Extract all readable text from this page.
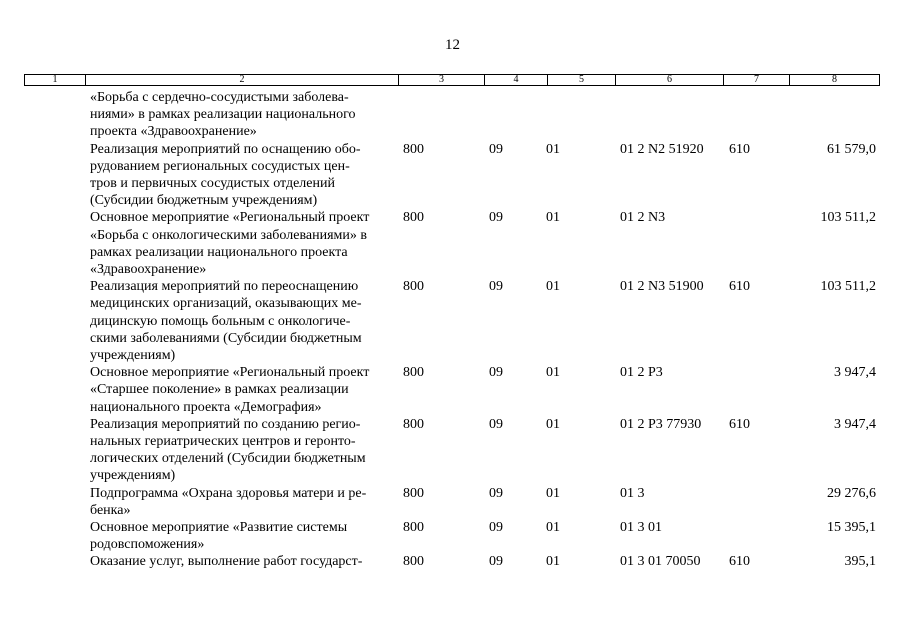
12
1	2	3	4	5	6	7	8
«Борьба с сердечно-сосудистыми заболева-
ниями» в рамках реализации национального
проекта «Здравоохранение»
Реализация мероприятий по оснащению обо-
рудованием региональных сосудистых цен-
тров и первичных сосудистых отделений
(Субсидии бюджетным учреждениям)
800	09	01	01 2 N2 51920 610	61 579,0
Основное мероприятие «Региональный проект
«Борьба с онкологическими заболеваниями» в
рамках реализации национального проекта
«Здравоохранение»
800	09	01	01 2 N3	103 511,2
Реализация мероприятий по переоснащению
медицинских организаций, оказывающих ме-
дицинскую помощь больным с онкологиче-
скими заболеваниями (Субсидии бюджетным
учреждениям)
800	09	01	01 2 N3 51900 610	103 511,2
Основное мероприятие «Региональный проект
«Старшее поколение» в рамках реализации
национального проекта «Демография»
800	09	01	01 2 P3	3 947,4
Реализация мероприятий по созданию регио-
нальных гериатрических центров и геронто-
логических отделений (Субсидии бюджетным
учреждениям)
800	09	01	01 2 P3 77930 610	3 947,4
Подпрограмма «Охрана здоровья матери и ре-
бенка»
800	09	01	01 3	29 276,6
Основное мероприятие «Развитие системы
родовспоможения»
800	09	01	01 3 01	15 395,1
Оказание услуг, выполнение работ государст-	800	09	01	01 3 01 70050 610	395,1
